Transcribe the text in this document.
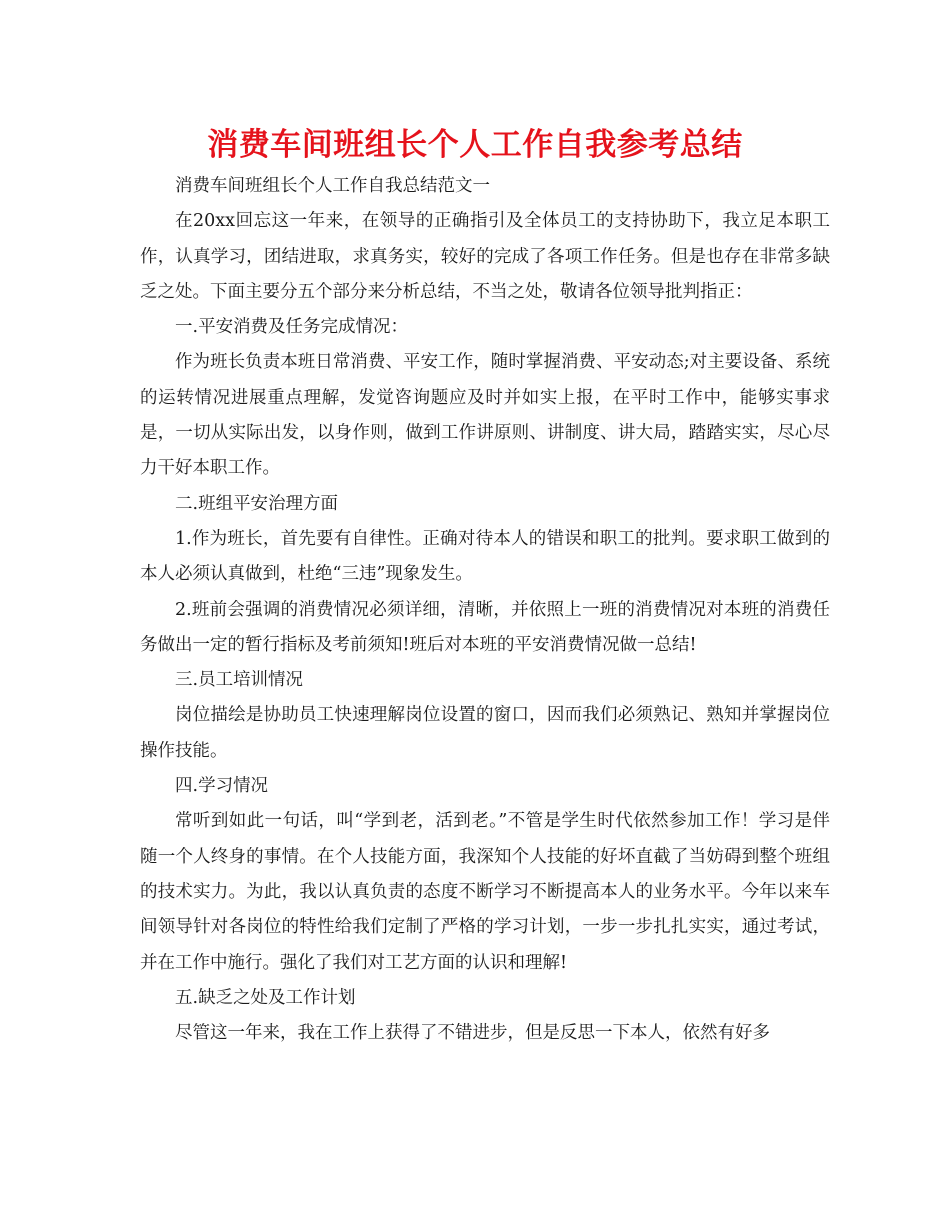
消费车间班组长个人工作自我参考总结

消费车间班组长个人工作自我总结范文一

在20xx回忘这一年来，在领导的正确指引及全体员工的支持协助下，我立足本职工作，认真学习，团结进取，求真务实，较好的完成了各项工作任务。但是也存在非常多缺乏之处。下面主要分五个部分来分析总结，不当之处，敬请各位领导批判指正：

一.平安消费及任务完成情况：

作为班长负责本班日常消费、平安工作，随时掌握消费、平安动态;对主要设备、系统的运转情况进展重点理解，发觉咨询题应及时并如实上报，在平时工作中，能够实事求是，一切从实际出发，以身作则，做到工作讲原则、讲制度、讲大局，踏踏实实，尽心尽力干好本职工作。

二.班组平安治理方面

1.作为班长，首先要有自律性。正确对待本人的错误和职工的批判。要求职工做到的本人必须认真做到，杜绝“三违”现象发生。

2.班前会强调的消费情况必须详细，清晰，并依照上一班的消费情况对本班的消费任务做出一定的暂行指标及考前须知!班后对本班的平安消费情况做一总结!

三.员工培训情况

岗位描绘是协助员工快速理解岗位设置的窗口，因而我们必须熟记、熟知并掌握岗位操作技能。

四.学习情况

常听到如此一句话，叫“学到老，活到老。”不管是学生时代依然参加工作！学习是伴随一个人终身的事情。在个人技能方面，我深知个人技能的好坏直截了当妨碍到整个班组的技术实力。为此，我以认真负责的态度不断学习不断提高本人的业务水平。今年以来车间领导针对各岗位的特性给我们定制了严格的学习计划，一步一步扎扎实实，通过考试，并在工作中施行。强化了我们对工艺方面的认识和理解!

五.缺乏之处及工作计划

尽管这一年来，我在工作上获得了不错进步，但是反思一下本人，依然有好多
